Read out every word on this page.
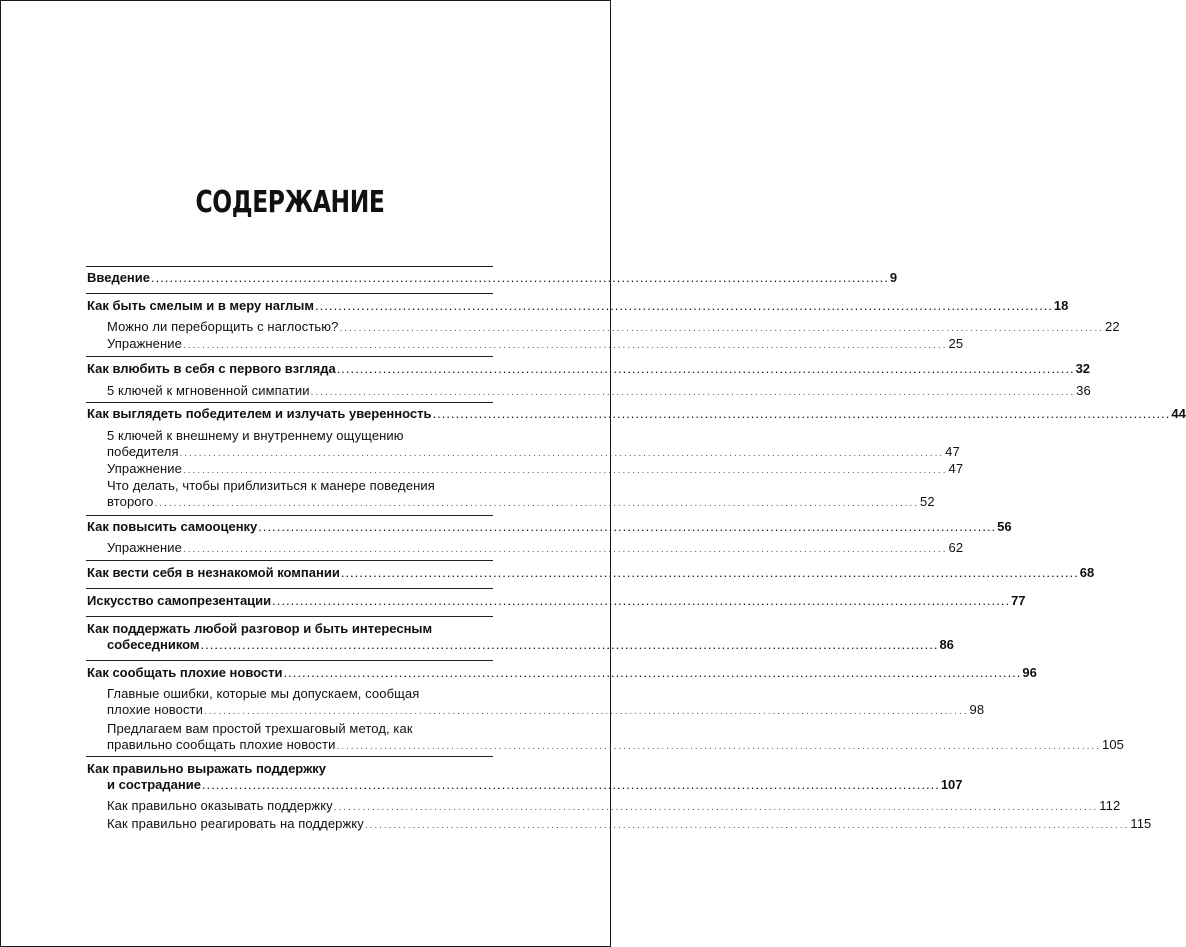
СОДЕРЖАНИЕ
Введение ................................................................................................................................................................ 9
Как быть смелым и в меру наглым ................................................................................................................................................................ 18
Можно ли переборщить с наглостью? ................................................................................................................................................................ 22
Упражнение ................................................................................................................................................................ 25
Как влюбить в себя с первого взгляда ................................................................................................................................................................ 32
5 ключей к мгновенной симпатии ................................................................................................................................................................ 36
Как выглядеть победителем и излучать уверенность ................................................................................................................................................................ 44
5 ключей к внешнему и внутреннему ощущению
победителя ................................................................................................................................................................ 47
Упражнение ................................................................................................................................................................ 47
Что делать, чтобы приблизиться к манере поведения
второго ................................................................................................................................................................ 52
Как повысить самооценку ................................................................................................................................................................ 56
Упражнение ................................................................................................................................................................ 62
Как вести себя в незнакомой компании ................................................................................................................................................................ 68
Искусство самопрезентации ................................................................................................................................................................ 77
Как поддержать любой разговор и быть интересным
собеседником ................................................................................................................................................................ 86
Как сообщать плохие новости ................................................................................................................................................................ 96
Главные ошибки, которые мы допускаем, сообщая
плохие новости ................................................................................................................................................................ 98
Предлагаем вам простой трехшаговый метод, как
правильно сообщать плохие новости ................................................................................................................................................................ 105
Как правильно выражать поддержку
и сострадание ................................................................................................................................................................ 107
Как правильно оказывать поддержку ................................................................................................................................................................ 112
Как правильно реагировать на поддержку ................................................................................................................................................................ 115
